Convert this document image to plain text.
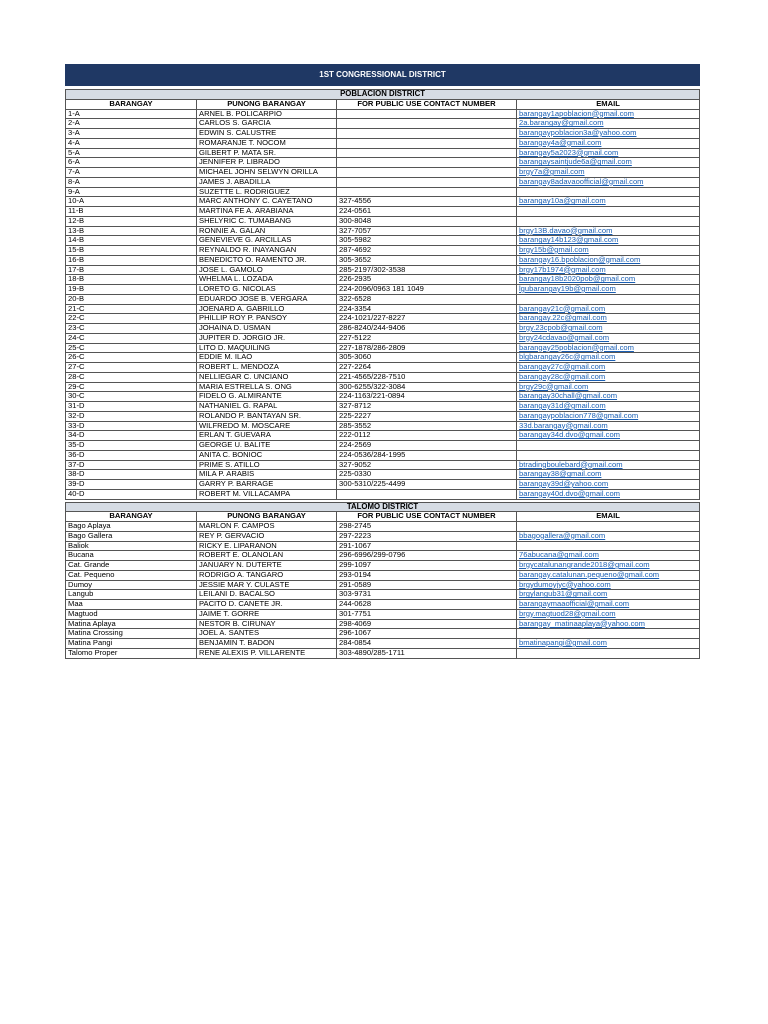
1ST CONGRESSIONAL DISTRICT			

POBLACION DISTRICT			
BARANGAY	PUNONG BARANGAY	FOR PUBLIC USE CONTACT NUMBER	EMAIL
1-A	ARNEL B. POLICARPIO		barangay1apoblacion@gmail.com
2-A	CARLOS S. GARCIA		2a.barangay@gmail.com
3-A	EDWIN S. CALUSTRE		barangaypoblacion3a@yahoo.com
4-A	ROMARANJE T. NOCOM		barangay4a@gmail.com
5-A	GILBERT P. MATA SR.		barangay5a2023@gmail.com
6-A	JENNIFER P. LIBRADO		barangaysaintjude6a@gmail.com
7-A	MICHAEL JOHN SELWYN ORILLA		brgy7a@gmail.com
8-A	JAMES J. ABADILLA		barangay8adavaoofficial@gmail.com
9-A	SUZETTE L. RODRIGUEZ		
10-A	MARC ANTHONY C. CAYETANO	327-4556	barangay10a@gmail.com
11-B	MARTINA FE A. ARABIANA	224-0561	
12-B	SHELYRIC C. TUMABANG	300-8048	
13-B	RONNIE A. GALAN	327-7057	brgy13B.davao@gmail.com
14-B	GENEVIEVE G. ARCILLAS	305-5982	barangay14b123@gmail.com
15-B	REYNALDO R. INAYANGAN	287-4692	brgy15b@gmail.com
16-B	BENEDICTO O. RAMENTO JR.	305-3652	barangay16.bpoblacion@gmail.com
17-B	JOSE L. GAMOLO	285-2197/302-3538	brgy17b1974@gmail.com
18-B	WHELMA L. LOZADA	226-2935	barangay18b2020pob@gmail.com
19-B	LORETO G. NICOLAS	224-2096/0963 181 1049	lgubarangay19b@gmail.com
20-B	EDUARDO JOSE B. VERGARA	322-6528	
21-C	JOENARD A. GABRILLO	224-3354	barangay21c@gmail.com
22-C	PHILLIP ROY P. PANSOY	224-1021/227-8227	barangay.22c@gmail.com
23-C	JOHAINA D. USMAN	286-8240/244-9406	brgy.23cpob@gmail.com
24-C	JUPITER D. JORGIO JR.	227-5122	brgy24cdavao@gmail.com
25-C	LITO D. MAQUILING	227-1878/286-2809	barangay25poblacion@gmail.com
26-C	EDDIE M. ILAO	305-3060	blgbarangay26c@gmail.com
27-C	ROBERT L. MENDOZA	227-2264	barangay27c@gmail.com
28-C	NELLIEGAR C. UNCIANO	221-4565/228-7510	barangay28c@gmail.com
29-C	MARIA ESTRELLA S. ONG	300-6255/322-3084	brgy29c@gmail.com
30-C	FIDELO G. ALMIRANTE	224-1163/221-0894	barangay30chall@gmail.com
31-D	NATHANIEL G. RAPAL	327-8712	barangay31d@gmail.com
32-D	ROLANDO P. BANTAYAN SR.	225-2227	barangaypoblacion778@gmail.com
33-D	WILFREDO M. MOSCARE	285-3552	33d.barangay@gmail.com
34-D	ERLAN T. GUEVARA	222-0112	barangay34d.dvo@gmail.com
35-D	GEORGE U. BALITE	224-2569	
36-D	ANITA C. BONIOC	224-0536/284-1995	
37-D	PRIME S. ATILLO	327-9052	btradingboulebard@gmail.com
38-D	MILA P. ARABIS	225-0330	barangay38@gmail.com
39-D	GARRY P. BARRAGE	300-5310/225-4499	barangay39d@yahoo.com
40-D	ROBERT M. VILLACAMPA		barangay40d.dvo@gmail.com

TALOMO DISTRICT			
BARANGAY	PUNONG BARANGAY	FOR PUBLIC USE CONTACT NUMBER	EMAIL
Bago Aplaya	MARLON F. CAMPOS	298-2745	
Bago Gallera	REY P. GERVACIO	297-2223	bbagogallera@gmail.com
Baliok	RICKY E. LIPARANON	291-1067	
Bucana	ROBERT E. OLANOLAN	296-6996/299-0796	76abucana@gmail.com
Cat. Grande	JANUARY N. DUTERTE	299-1097	brgycatalunangrande2018@gmail.com
Cat. Pequeno	RODRIGO A. TANGARO	293-0194	barangay.catalunan.pequeno@gmail.com
Dumoy	JESSIE MAR Y. CULASTE	291-0589	brgydumoyjyc@yahoo.com
Langub	LEILANI D. BACALSO	303-9731	brgylangub31@gmail.com
Maa	PACITO D. CANETE JR.	244-0628	barangaymaaofficial@gmail.com
Magtuod	JAIME T. GORRE	301-7751	brgy.magtuod28@gmail.com
Matina Aplaya	NESTOR B. CIRUNAY	298-4069	barangay_matinaaplaya@yahoo.com
Matina Crossing	JOEL A. SANTES	296-1067	
Matina Pangi	BENJAMIN T. BADON	284-0854	bmatinapangi@gmail.com
Talomo Proper	RENE ALEXIS P. VILLARENTE	303-4890/285-1711	
